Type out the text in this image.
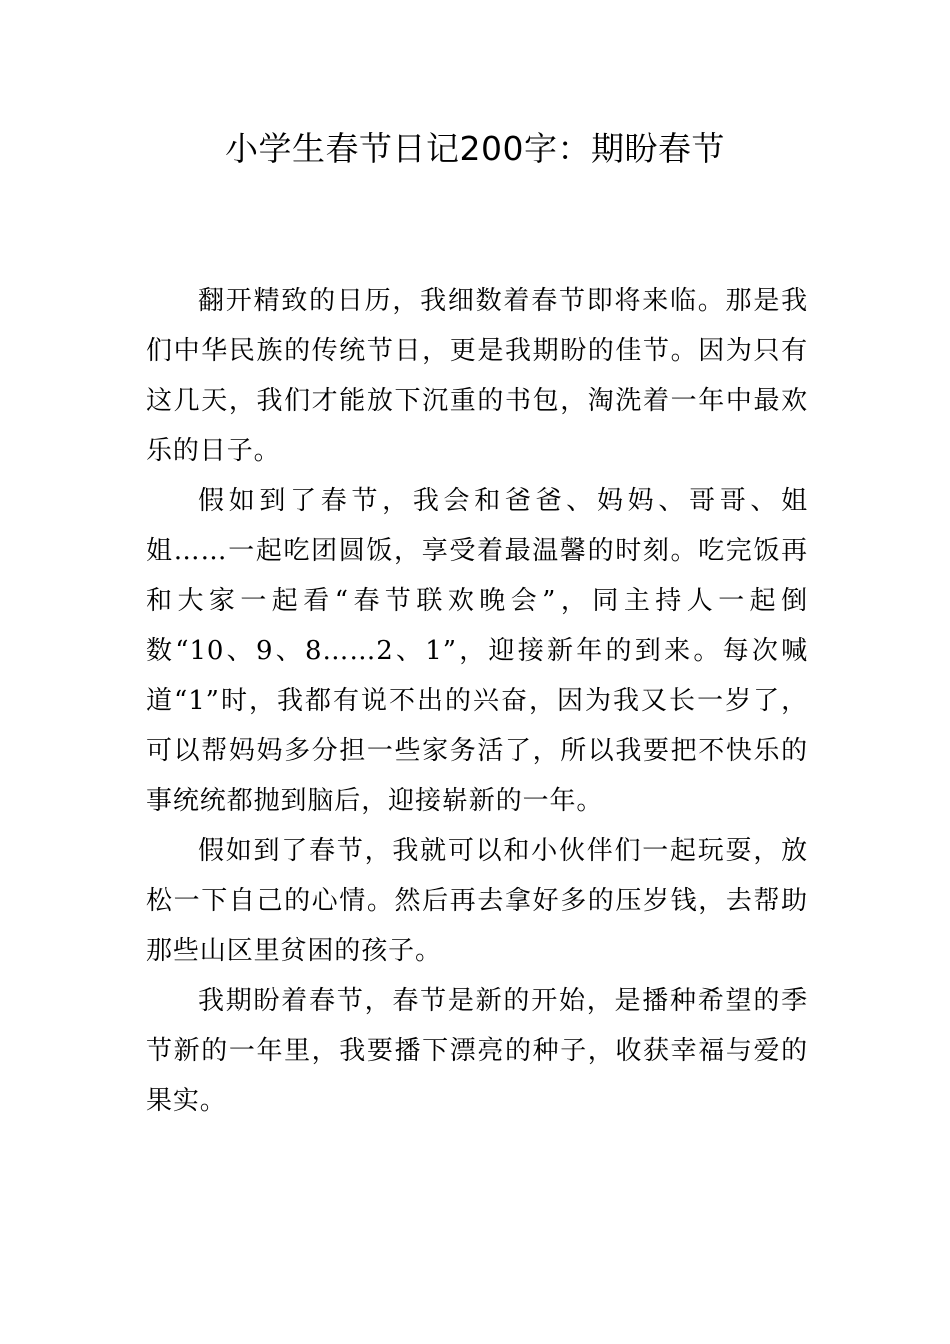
小学生春节日记200字：期盼春节

翻开精致的日历，我细数着春节即将来临。那是我们中华民族的传统节日，更是我期盼的佳节。因为只有这几天，我们才能放下沉重的书包，淘洗着一年中最欢乐的日子。

假如到了春节，我会和爸爸、妈妈、哥哥、姐姐……一起吃团圆饭，享受着最温馨的时刻。吃完饭再和大家一起看“春节联欢晚会”，同主持人一起倒数“10、9、8……2、1”，迎接新年的到来。每次喊道“1”时，我都有说不出的兴奋，因为我又长一岁了，可以帮妈妈多分担一些家务活了，所以我要把不快乐的事统统都抛到脑后，迎接崭新的一年。

假如到了春节，我就可以和小伙伴们一起玩耍，放松一下自己的心情。然后再去拿好多的压岁钱，去帮助那些山区里贫困的孩子。

我期盼着春节，春节是新的开始，是播种希望的季节新的一年里，我要播下漂亮的种子，收获幸福与爱的果实。
